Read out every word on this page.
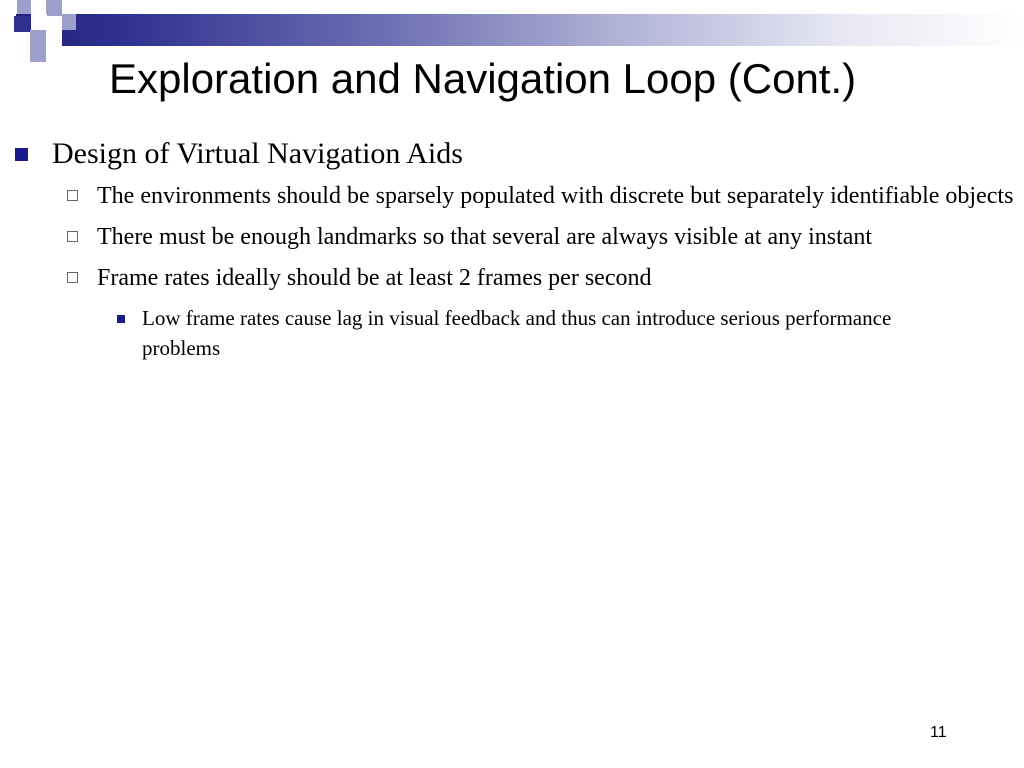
Exploration and Navigation Loop (Cont.)
Design of Virtual Navigation Aids
The environments should be sparsely populated with discrete but separately identifiable objects
There must be enough landmarks so that several are always visible at any instant
Frame rates ideally should be at least 2 frames per second
Low frame rates cause lag in visual feedback and thus can introduce serious performance problems
11
